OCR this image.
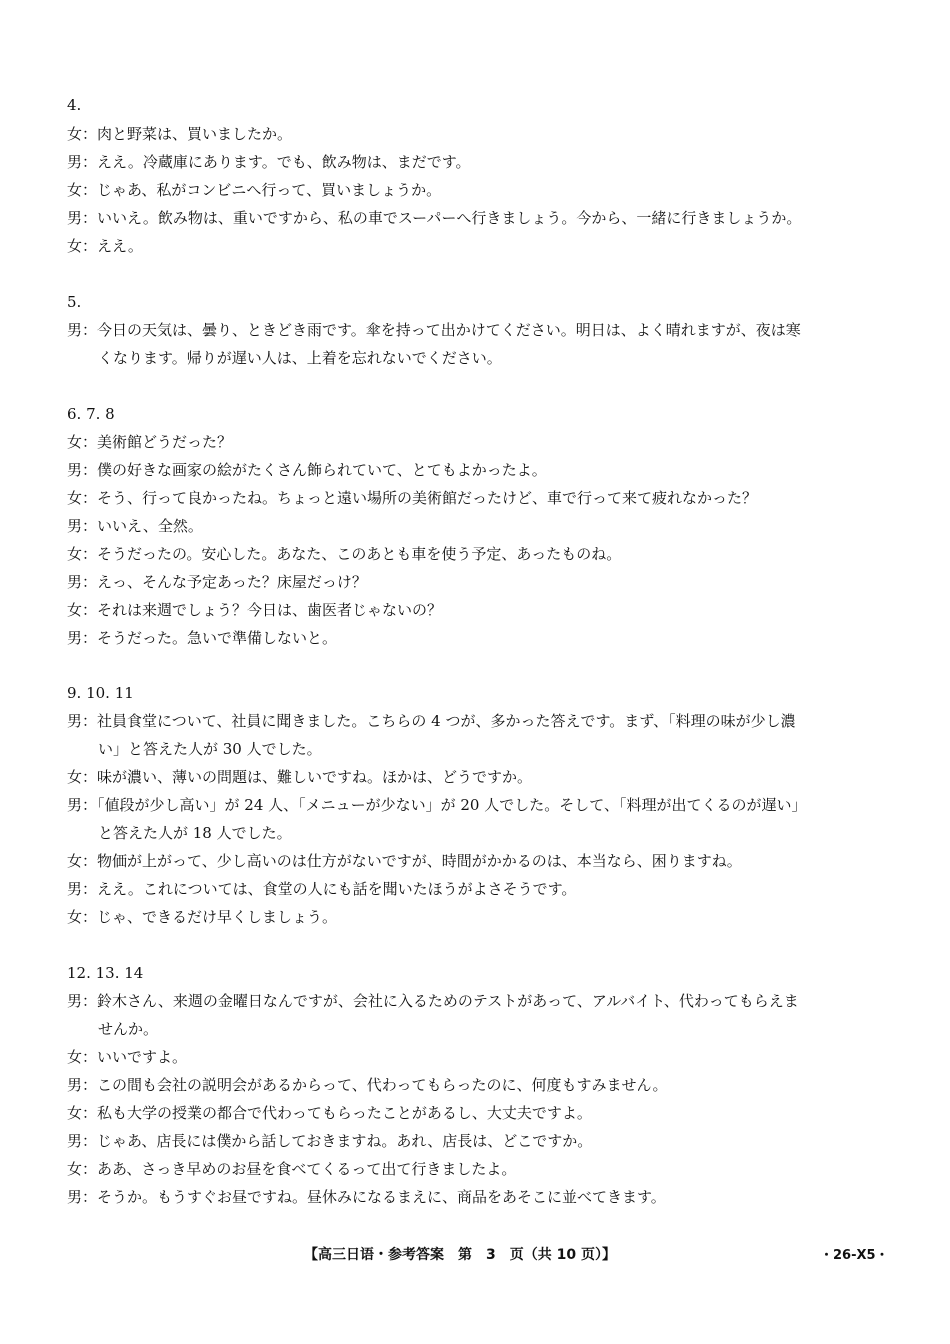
4.
女：肉と野菜は、買いましたか。
男：ええ。冷蔵庫にあります。でも、飲み物は、まだです。
女：じゃあ、私がコンビニへ行って、買いましょうか。
男：いいえ。飲み物は、重いですから、私の車でスーパーへ行きましょう。今から、一緒に行きましょうか。
女：ええ。
5.
男：今日の天気は、曇り、ときどき雨です。傘を持って出かけてください。明日は、よく晴れますが、夜は寒
くなります。帰りが遅い人は、上着を忘れないでください。
6. 7. 8
女：美術館どうだった？
男：僕の好きな画家の絵がたくさん飾られていて、とてもよかったよ。
女：そう、行って良かったね。ちょっと遠い場所の美術館だったけど、車で行って来て疲れなかった？
男：いいえ、全然。
女：そうだったの。安心した。あなた、このあとも車を使う予定、あったものね。
男：えっ、そんな予定あった？床屋だっけ？
女：それは来週でしょう？今日は、歯医者じゃないの？
男：そうだった。急いで準備しないと。
9. 10. 11
男：社員食堂について、社員に聞きました。こちらの 4 つが、多かった答えです。まず、「料理の味が少し濃
い」と答えた人が 30 人でした。
女：味が濃い、薄いの問題は、難しいですね。ほかは、どうですか。
男：「値段が少し高い」が 24 人、「メニューが少ない」が 20 人でした。そして、「料理が出てくるのが遅い」
と答えた人が 18 人でした。
女：物価が上がって、少し高いのは仕方がないですが、時間がかかるのは、本当なら、困りますね。
男：ええ。これについては、食堂の人にも話を聞いたほうがよさそうです。
女：じゃ、できるだけ早くしましょう。
12. 13. 14
男：鈴木さん、来週の金曜日なんですが、会社に入るためのテストがあって、アルバイト、代わってもらえま
せんか。
女：いいですよ。
男：この間も会社の説明会があるからって、代わってもらったのに、何度もすみません。
女：私も大学の授業の都合で代わってもらったことがあるし、大丈夫ですよ。
男：じゃあ、店長には僕から話しておきますね。あれ、店長は、どこですか。
女：ああ、さっき早めのお昼を食べてくるって出て行きましたよ。
男：そうか。もうすぐお昼ですね。昼休みになるまえに、商品をあそこに並べてきます。
【高三日语・参考答案　第　3　页（共 10 页）】	・26-X5・
